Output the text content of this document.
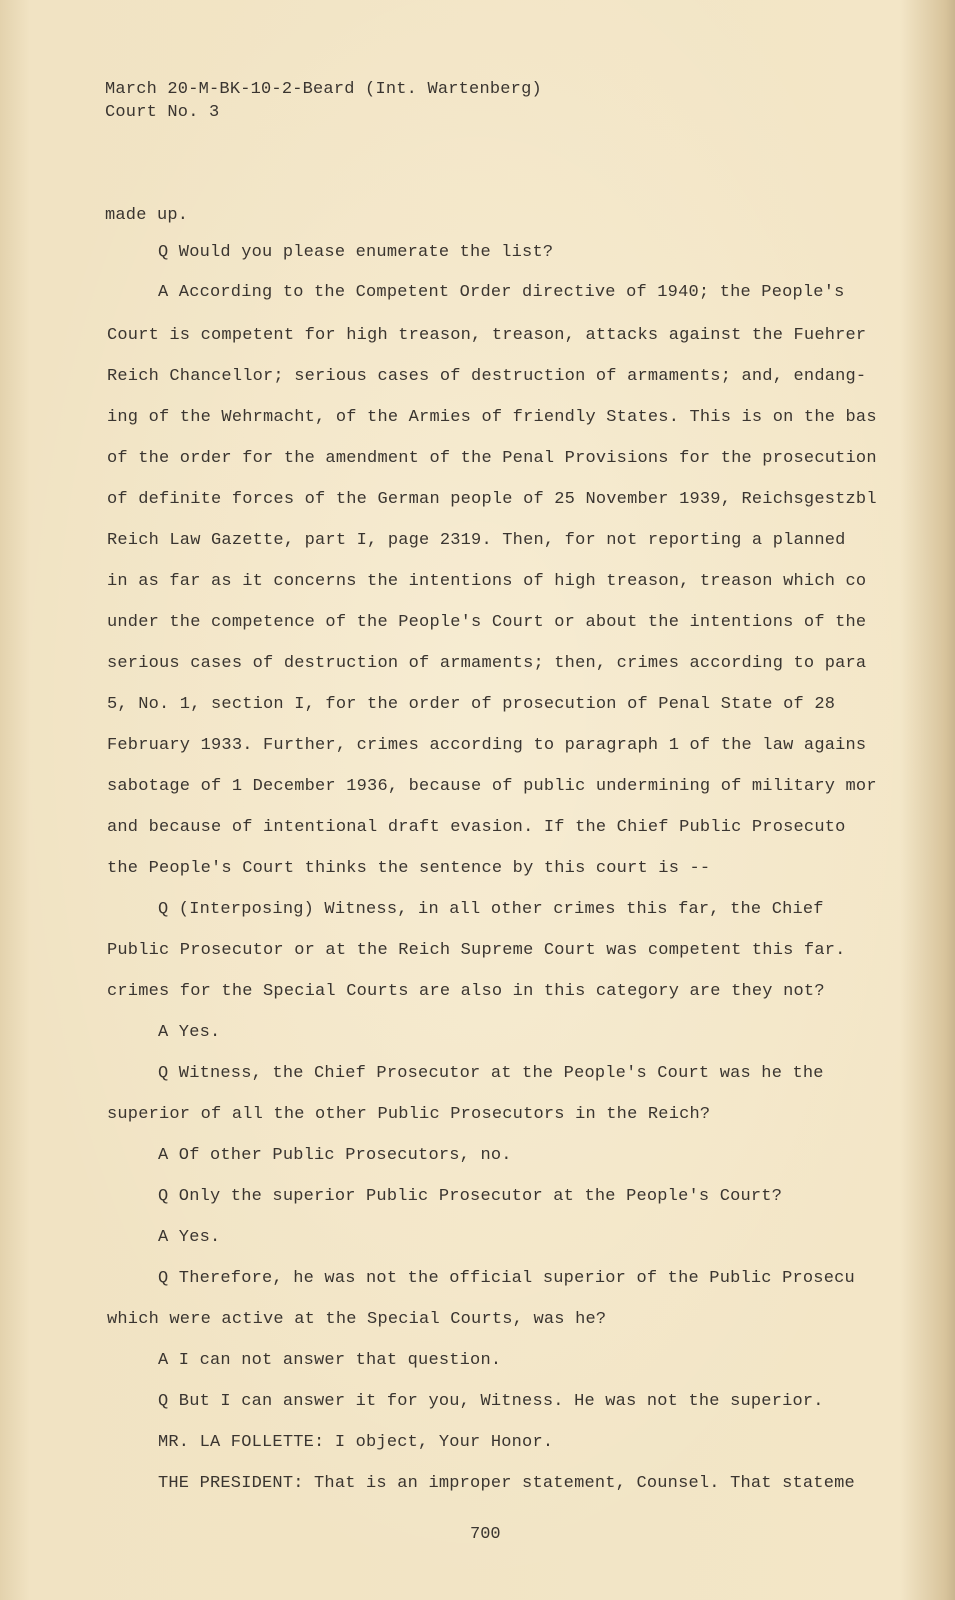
March 20-M-BK-10-2-Beard (Int. Wartenberg)
Court No. 3
made up.
Q Would you please enumerate the list?
A According to the Competent Order directive of 1940; the People's
Court is competent for high treason, treason, attacks against the Fuehrer
Reich Chancellor; serious cases of destruction of armaments; and, endang-
ing of the Wehrmacht, of the Armies of friendly States. This is on the bas
of the order for the amendment of the Penal Provisions for the prosecution
of definite forces of the German people of 25 November 1939, Reichsgestzbl
Reich Law Gazette, part I, page 2319. Then, for not reporting a planned
in as far as it concerns the intentions of high treason, treason which co
under the competence of the People's Court or about the intentions of the
serious cases of destruction of armaments; then, crimes according to para
5, No. 1, section I, for the order of prosecution of Penal State of 28
February 1933. Further, crimes according to paragraph 1 of the law agains
sabotage of 1 December 1936, because of public undermining of military mor
and because of intentional draft evasion. If the Chief Public Prosecuto
the People's Court thinks the sentence by this court is --
Q (Interposing) Witness, in all other crimes this far, the Chief
Public Prosecutor or at the Reich Supreme Court was competent this far.
crimes for the Special Courts are also in this category are they not?
A Yes.
Q Witness, the Chief Prosecutor at the People's Court was he the
superior of all the other Public Prosecutors in the Reich?
A Of other Public Prosecutors, no.
Q Only the superior Public Prosecutor at the People's Court?
A Yes.
Q Therefore, he was not the official superior of the Public Prosecu
which were active at the Special Courts, was he?
A I can not answer that question.
Q But I can answer it for you, Witness. He was not the superior.
MR. LA FOLLETTE: I object, Your Honor.
THE PRESIDENT: That is an improper statement, Counsel. That stateme
700
